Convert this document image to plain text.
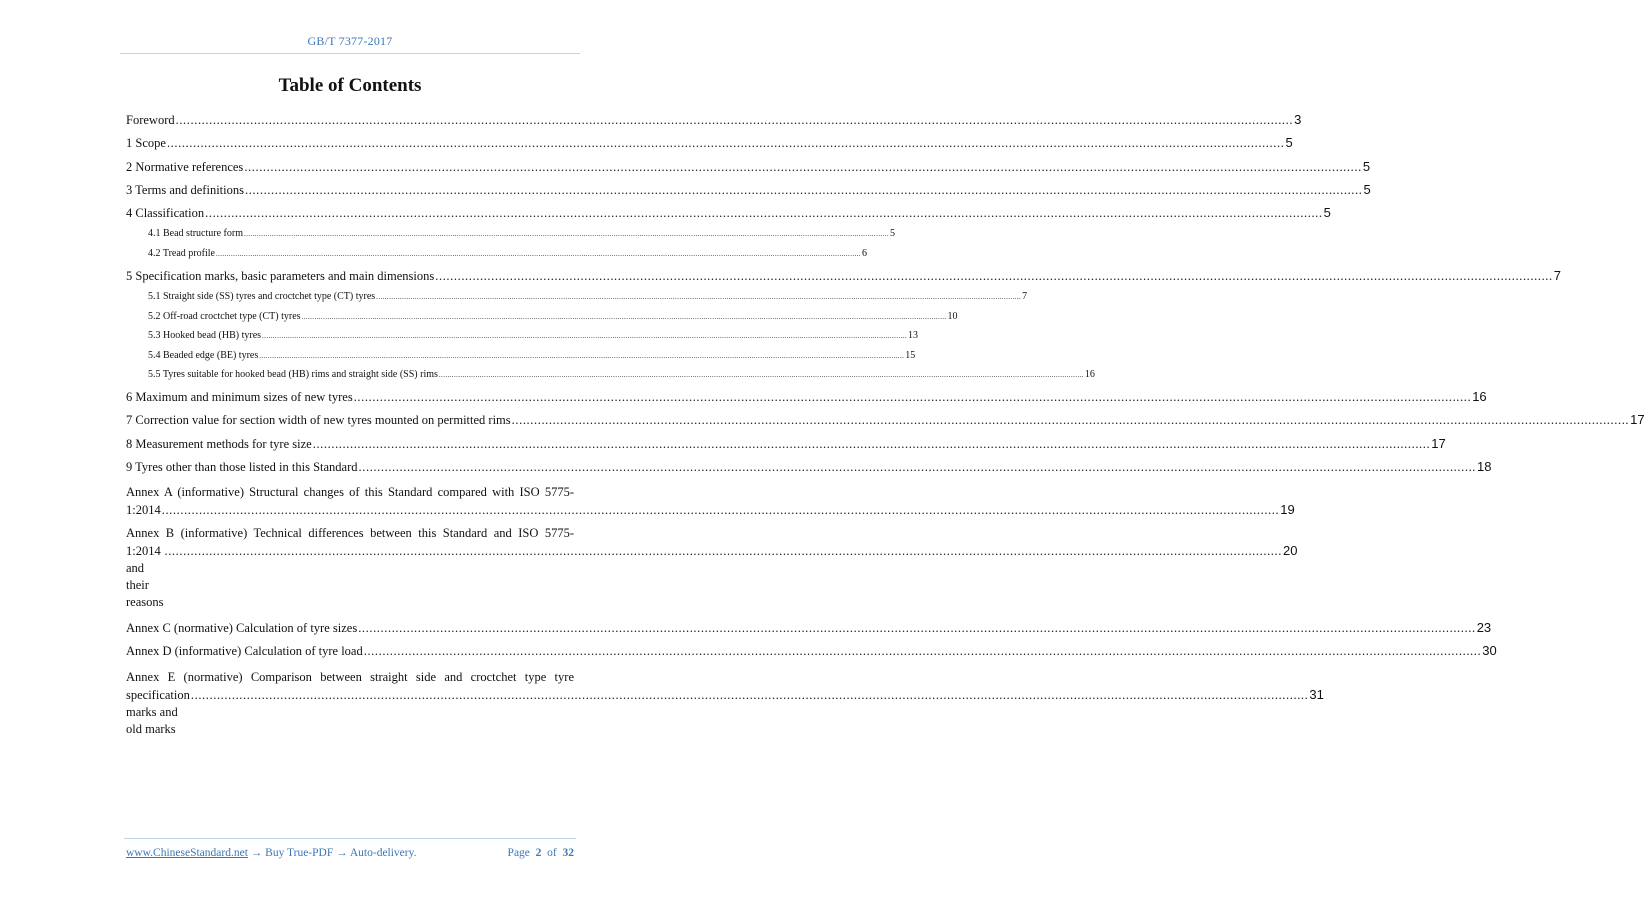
GB/T 7377-2017
Table of Contents
Foreword ............................................................................................................................................................................................................................................................................................................ 3
1 Scope ............................................................................................................................................................................................................................................................................................................ 5
2 Normative references ............................................................................................................................................................................................................................................................................................................ 5
3 Terms and definitions ............................................................................................................................................................................................................................................................................................................ 5
4 Classification ............................................................................................................................................................................................................................................................................................................ 5
4.1 Bead structure form ............................................................................................................................................................................................................................................................................................................ 5
4.2 Tread profile ............................................................................................................................................................................................................................................................................................................ 6
5 Specification marks, basic parameters and main dimensions ............................................................................................................................................................................................................................................................................................................ 7
5.1 Straight side (SS) tyres and croctchet type (CT) tyres ............................................................................................................................................................................................................................................................................................................ 7
5.2 Off-road croctchet type (CT) tyres ............................................................................................................................................................................................................................................................................................................ 10
5.3 Hooked bead (HB) tyres ............................................................................................................................................................................................................................................................................................................ 13
5.4 Beaded edge (BE) tyres ............................................................................................................................................................................................................................................................................................................ 15
5.5 Tyres suitable for hooked bead (HB) rims and straight side (SS) rims ............................................................................................................................................................................................................................................................................................................ 16
6 Maximum and minimum sizes of new tyres ............................................................................................................................................................................................................................................................................................................ 16
7 Correction value for section width of new tyres mounted on permitted rims ............................................................................................................................................................................................................................................................................................................ 17
8 Measurement methods for tyre size ............................................................................................................................................................................................................................................................................................................ 17
9 Tyres other than those listed in this Standard ............................................................................................................................................................................................................................................................................................................ 18
Annex A (informative) Structural changes of this Standard compared with ISO 5775-
1:2014 ............................................................................................................................................................................................................................................................................................................ 19
Annex B (informative) Technical differences between this Standard and ISO 5775-
1:2014 and their reasons
............................................................................................................................................................................................................................................................................................................ 20
Annex C (normative) Calculation of tyre sizes ............................................................................................................................................................................................................................................................................................................ 23
Annex D (informative) Calculation of tyre load ............................................................................................................................................................................................................................................................................................................ 30
Annex E (normative) Comparison between straight side and croctchet type tyre
specification marks and old marks
............................................................................................................................................................................................................................................................................................................ 31
www.ChineseStandard.net → Buy True-PDF → Auto-delivery.	Page 2 of 32
